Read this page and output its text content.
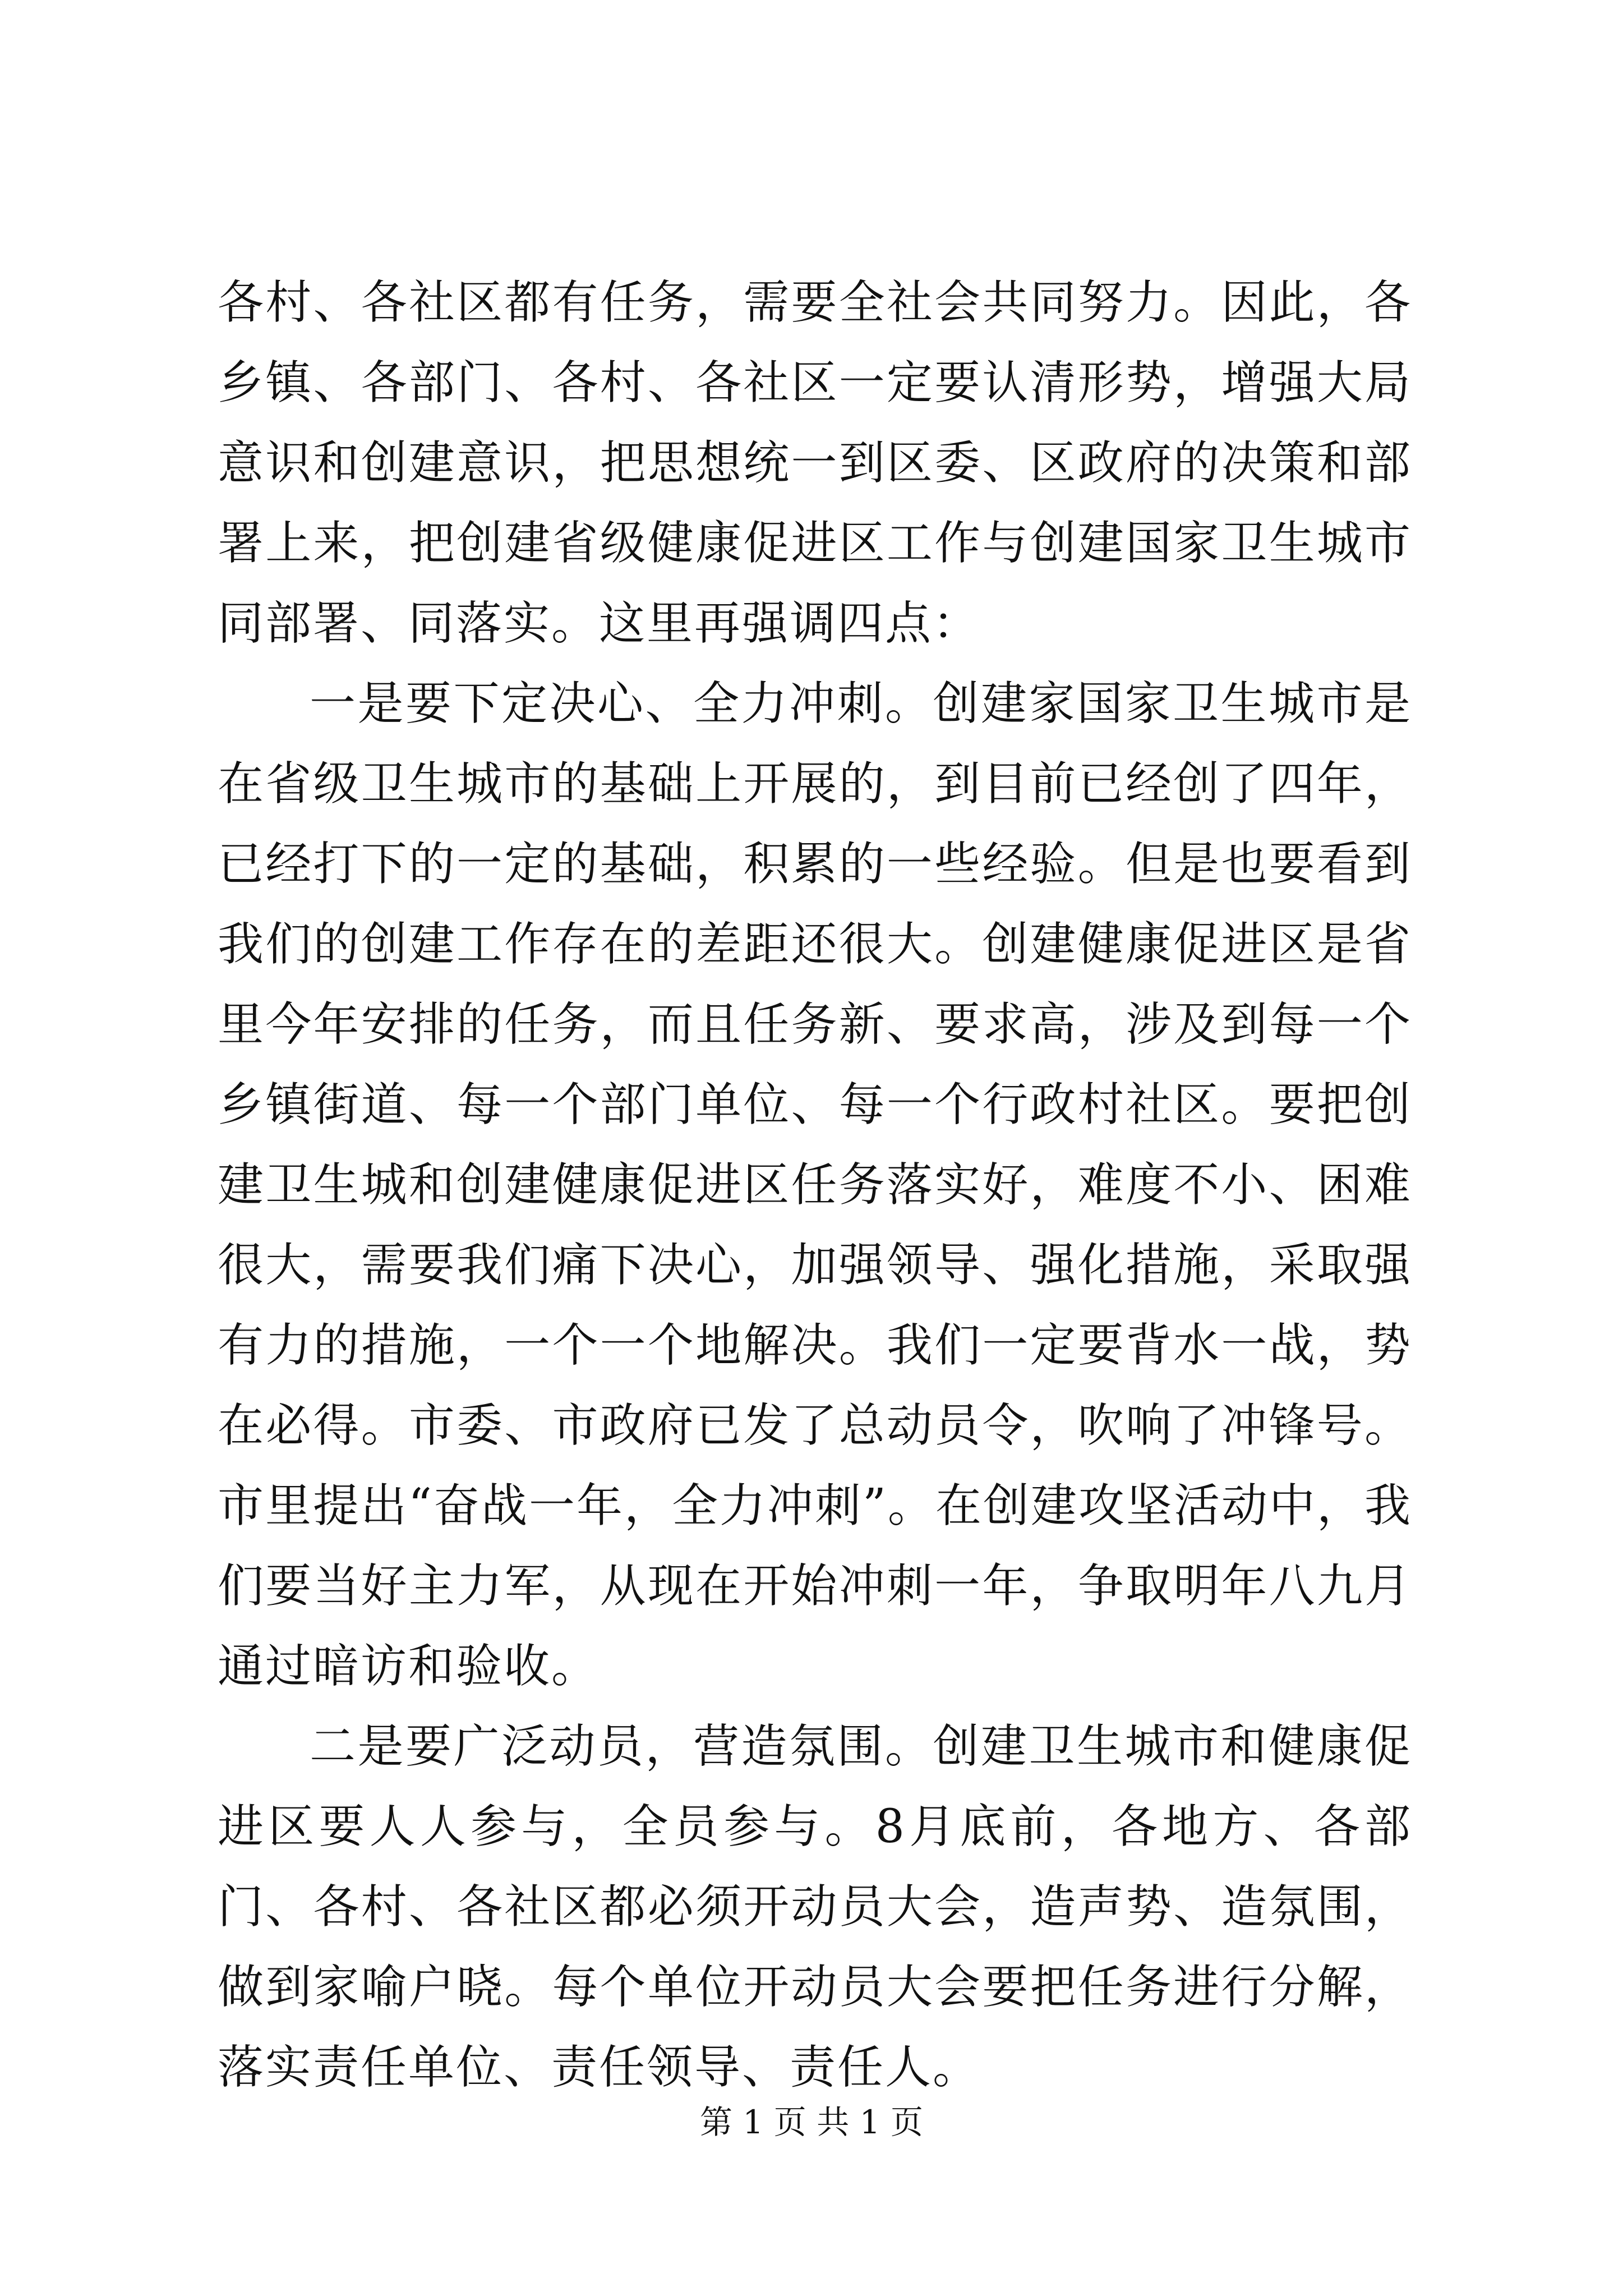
各村、各社区都有任务，需要全社会共同努力。因此，各乡镇、各部门、各村、各社区一定要认清形势，增强大局意识和创建意识，把思想统一到区委、区政府的决策和部署上来，把创建省级健康促进区工作与创建国家卫生城市同部署、同落实。这里再强调四点：

一是要下定决心、全力冲刺。创建家国家卫生城市是在省级卫生城市的基础上开展的，到目前已经创了四年，已经打下的一定的基础，积累的一些经验。但是也要看到我们的创建工作存在的差距还很大。创建健康促进区是省里今年安排的任务，而且任务新、要求高，涉及到每一个乡镇街道、每一个部门单位、每一个行政村社区。要把创建卫生城和创建健康促进区任务落实好，难度不小、困难很大，需要我们痛下决心，加强领导、强化措施，采取强有力的措施，一个一个地解决。我们一定要背水一战，势在必得。市委、市政府已发了总动员令，吹响了冲锋号。市里提出“奋战一年，全力冲刺”。在创建攻坚活动中，我们要当好主力军，从现在开始冲刺一年，争取明年八九月通过暗访和验收。

二是要广泛动员，营造氛围。创建卫生城市和健康促进区要人人参与，全员参与。8月底前，各地方、各部门、各村、各社区都必须开动员大会，造声势、造氛围，做到家喻户晓。每个单位开动员大会要把任务进行分解，落实责任单位、责任领导、责任人。

第 1 页 共 1 页
